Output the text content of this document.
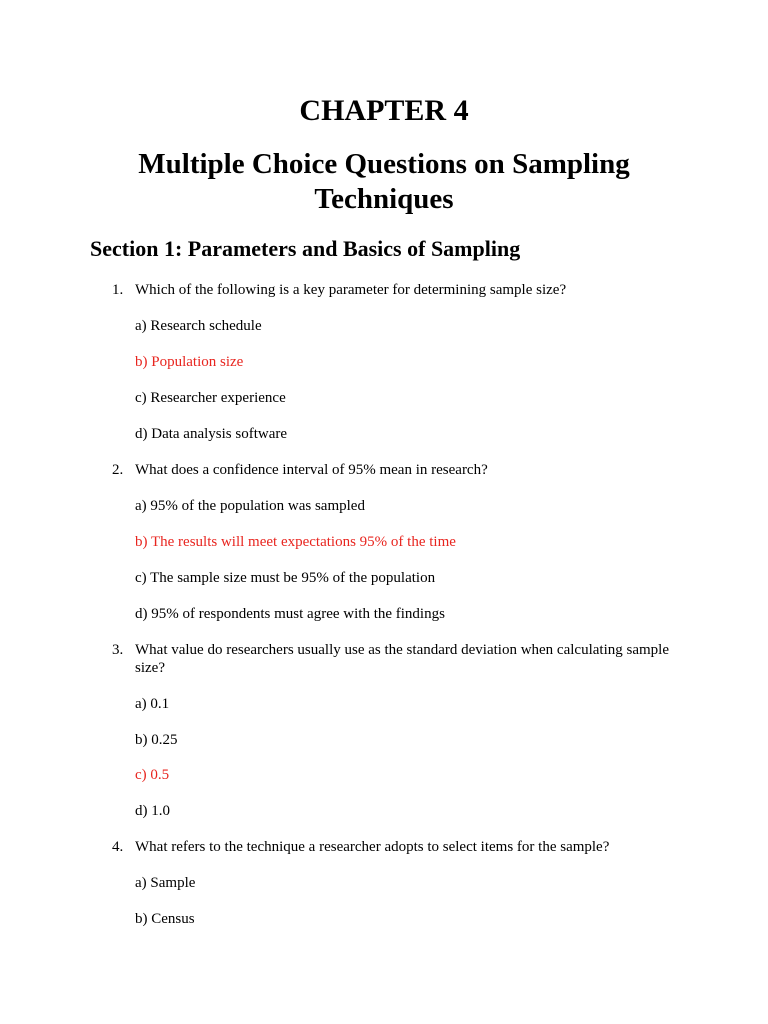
CHAPTER 4
Multiple Choice Questions on Sampling Techniques
Section 1: Parameters and Basics of Sampling
1. Which of the following is a key parameter for determining sample size?
a) Research schedule
b) Population size
c) Researcher experience
d) Data analysis software
2. What does a confidence interval of 95% mean in research?
a) 95% of the population was sampled
b) The results will meet expectations 95% of the time
c) The sample size must be 95% of the population
d) 95% of respondents must agree with the findings
3. What value do researchers usually use as the standard deviation when calculating sample size?
a) 0.1
b) 0.25
c) 0.5
d) 1.0
4. What refers to the technique a researcher adopts to select items for the sample?
a) Sample
b) Census
